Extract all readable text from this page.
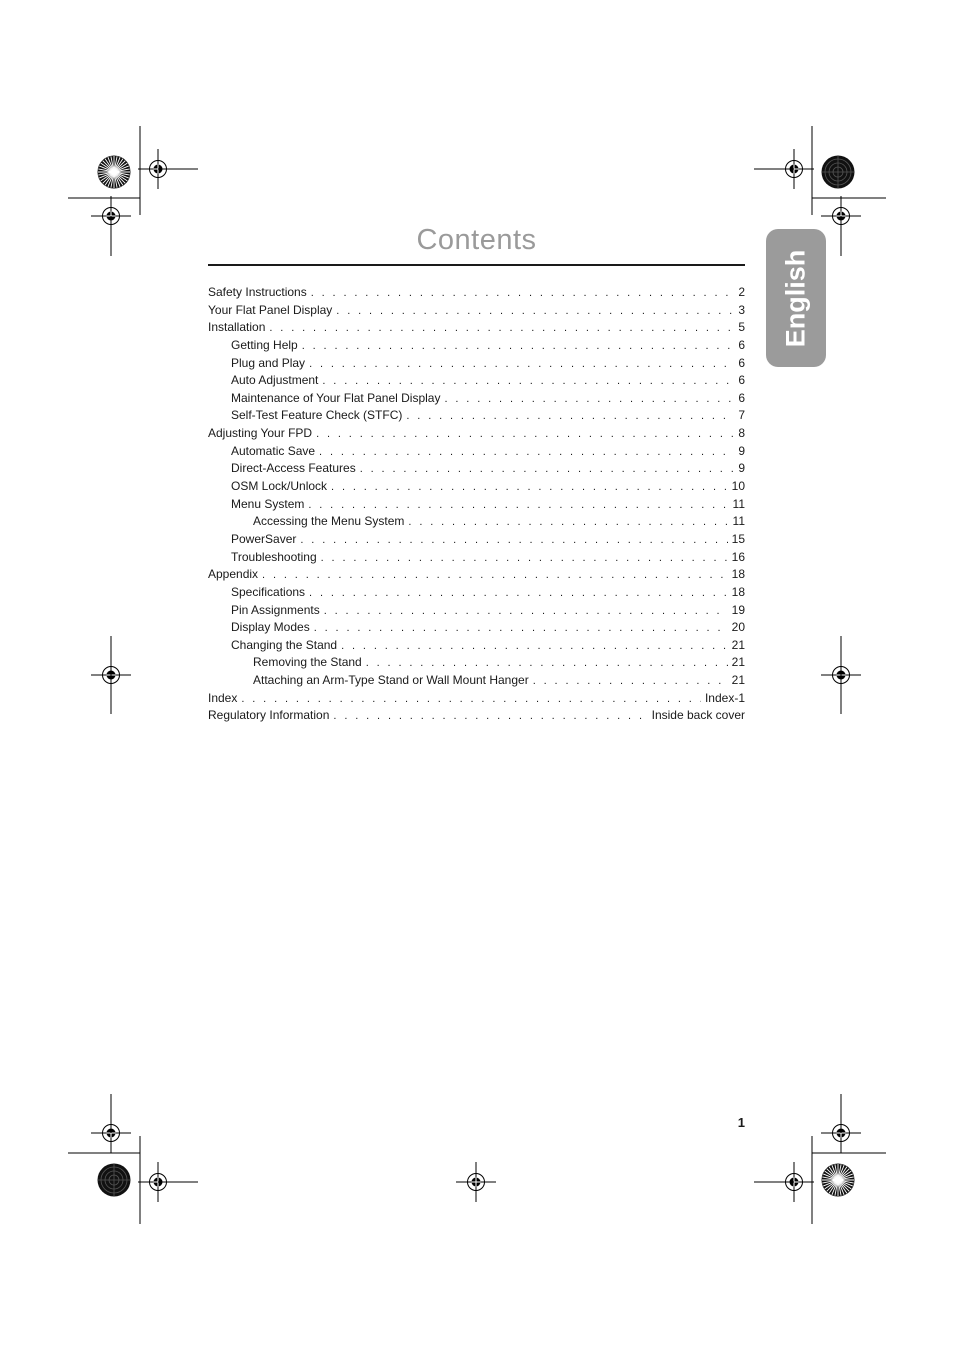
Contents
English
Safety Instructions . . .	2
Your Flat Panel Display . . .	3
Installation . . .	5
Getting Help . . .	6
Plug and Play . . .	6
Auto Adjustment . . .	6
Maintenance of Your Flat Panel Display . . .	6
Self-Test Feature Check (STFC) . . .	7
Adjusting Your FPD . . .	8
Automatic Save . . .	9
Direct-Access Features . . .	9
OSM Lock/Unlock . . .	10
Menu System . . .	11
Accessing the Menu System . . .	11
PowerSaver . . .	15
Troubleshooting . . .	16
Appendix . . .	18
Specifications . . .	18
Pin Assignments . . .	19
Display Modes . . .	20
Changing the Stand . . .	21
Removing the Stand . . .	21
Attaching an Arm-Type Stand or Wall Mount Hanger . . .	21
Index . . .	Index-1
Regulatory Information . . .	Inside back cover
1
